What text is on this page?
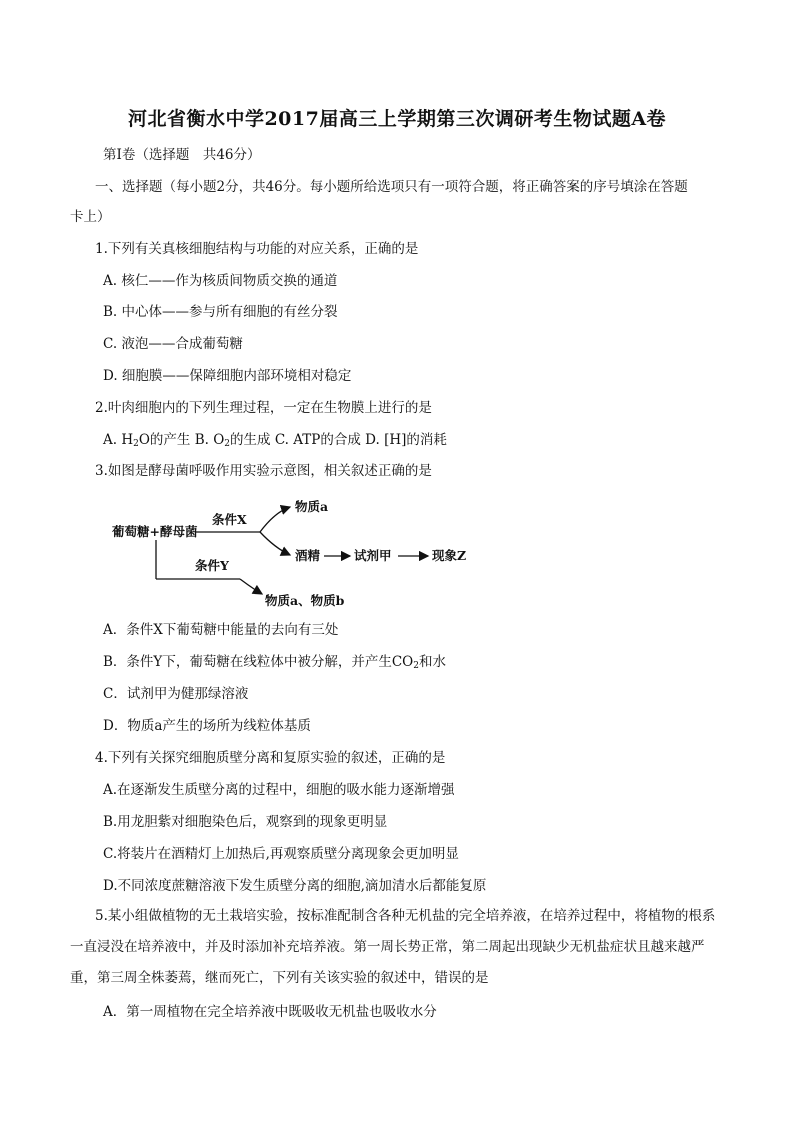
河北省衡水中学2017届高三上学期第三次调研考生物试题A卷
第Ⅰ卷（选择题　共46分）
一、选择题（每小题2分，共46分。每小题所给选项只有一项符合题，将正确答案的序号填涂在答题
卡上）
1.下列有关真核细胞结构与功能的对应关系，正确的是
A. 核仁——作为核质间物质交换的通道
B. 中心体——参与所有细胞的有丝分裂
C. 液泡——合成葡萄糖
D. 细胞膜——保障细胞内部环境相对稳定
2.叶肉细胞内的下列生理过程，一定在生物膜上进行的是
A. $H_2O$的产生 B. $O_2$的生成 C. ATP的合成 D. [H]的消耗
3.如图是酵母菌呼吸作用实验示意图，相关叙述正确的是
葡萄糖+酵母菌
条件X
物质a
酒精	试剂甲	现象Z
条件Y
物质a、物质b
A．条件X下葡萄糖中能量的去向有三处
B．条件Y下，葡萄糖在线粒体中被分解，并产生$CO_2$和水
C．试剂甲为健那绿溶液
D．物质a产生的场所为线粒体基质
4.下列有关探究细胞质壁分离和复原实验的叙述，正确的是
A.在逐渐发生质壁分离的过程中，细胞的吸水能力逐渐增强
B.用龙胆紫对细胞染色后，观察到的现象更明显
C.将装片在酒精灯上加热后,再观察质壁分离现象会更加明显
D.不同浓度蔗糖溶液下发生质壁分离的细胞,滴加清水后都能复原
5.某小组做植物的无土栽培实验，按标准配制含各种无机盐的完全培养液，在培养过程中，将植物的根系一直浸没在培养液中，并及时添加补充培养液。第一周长势正常，第二周起出现缺少无机盐症状且越来越严重，第三周全株萎蔫，继而死亡，下列有关该实验的叙述中，错误的是
A．第一周植物在完全培养液中既吸收无机盐也吸收水分
